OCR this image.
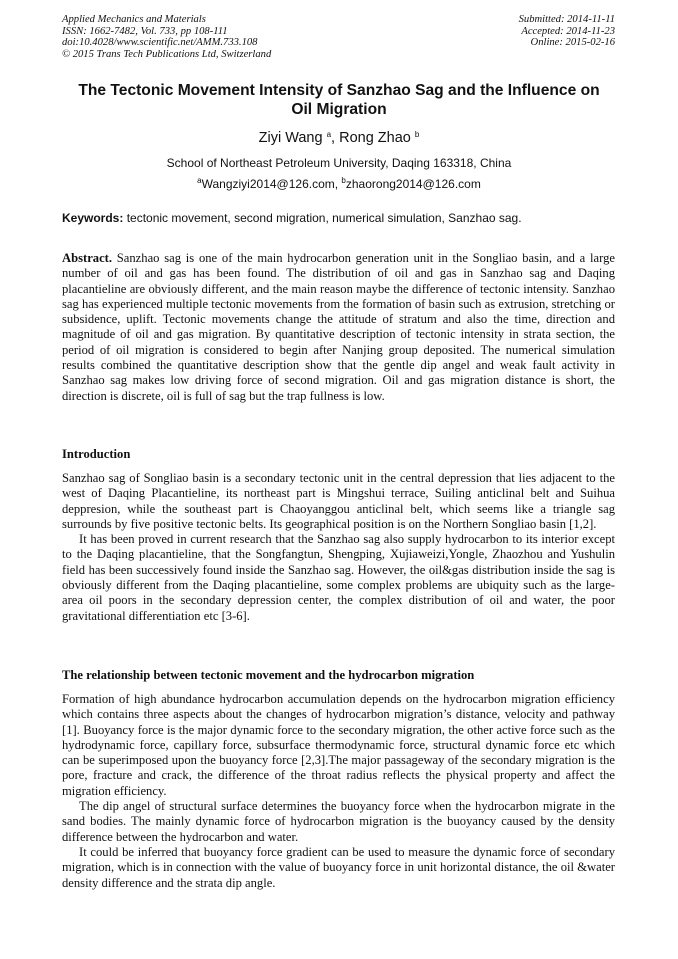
Applied Mechanics and Materials
ISSN: 1662-7482, Vol. 733, pp 108-111
doi:10.4028/www.scientific.net/AMM.733.108
© 2015 Trans Tech Publications Ltd, Switzerland
Submitted: 2014-11-11
Accepted: 2014-11-23
Online: 2015-02-16
The Tectonic Movement Intensity of Sanzhao Sag and the Influence on
Oil Migration
Ziyi Wang $^a$, Rong Zhao $^b$
School of Northeast Petroleum University, Daqing 163318, China
$^a$Wangziyi2014@126.com, $^b$zhaorong2014@126.com
Keywords: tectonic movement, second migration, numerical simulation, Sanzhao sag.

Abstract. Sanzhao sag is one of the main hydrocarbon generation unit in the Songliao basin, and a large number of oil and gas has been found. The distribution of oil and gas in Sanzhao sag and Daqing placantieline are obviously different, and the main reason maybe the difference of tectonic intensity. Sanzhao sag has experienced multiple tectonic movements from the formation of basin such as extrusion, stretching or subsidence, uplift. Tectonic movements change the attitude of stratum and also the time, direction and magnitude of oil and gas migration. By quantitative description of tectonic intensity in strata section, the period of oil migration is considered to begin after Nanjing group deposited. The numerical simulation results combined the quantitative description show that the gentle dip angel and weak fault activity in Sanzhao sag makes low driving force of second migration. Oil and gas migration distance is short, the direction is discrete, oil is full of sag but the trap fullness is low.

Introduction

Sanzhao sag of Songliao basin is a secondary tectonic unit in the central depression that lies adjacent to the west of Daqing Placantieline, its northeast part is Mingshui terrace, Suiling anticlinal belt and Suihua deppresion, while the southeast part is Chaoyanggou anticlinal belt, which seems like a triangle sag surrounds by five positive tectonic belts. Its geographical position is on the Northern Songliao basin [1,2].

It has been proved in current research that the Sanzhao sag also supply hydrocarbon to its interior except to the Daqing placantieline, that the Songfangtun, Shengping, Xujiaweizi,Yongle, Zhaozhou and Yushulin field has been successively found inside the Sanzhao sag. However, the oil&gas distribution inside the sag is obviously different from the Daqing placantieline, some complex problems are ubiquity such as the large-area oil poors in the secondary depression center, the complex distribution of oil and water, the poor gravitational differentiation etc [3-6].

The relationship between tectonic movement and the hydrocarbon migration

Formation of high abundance hydrocarbon accumulation depends on the hydrocarbon migration efficiency which contains three aspects about the changes of hydrocarbon migration’s distance, velocity and pathway [1]. Buoyancy force is the major dynamic force to the secondary migration, the other active force such as the hydrodynamic force, capillary force, subsurface thermodynamic force, structural dynamic force etc which can be superimposed upon the buoyancy force [2,3].The major passageway of the secondary migration is the pore, fracture and crack, the difference of the throat radius reflects the physical property and affect the migration efficiency.

The dip angel of structural surface determines the buoyancy force when the hydrocarbon migrate in the sand bodies. The mainly dynamic force of hydrocarbon migration is the buoyancy caused by the density difference between the hydrocarbon and water.

It could be inferred that buoyancy force gradient can be used to measure the dynamic force of secondary migration, which is in connection with the value of buoyancy force in unit horizontal distance, the oil &water density difference and the strata dip angle.
